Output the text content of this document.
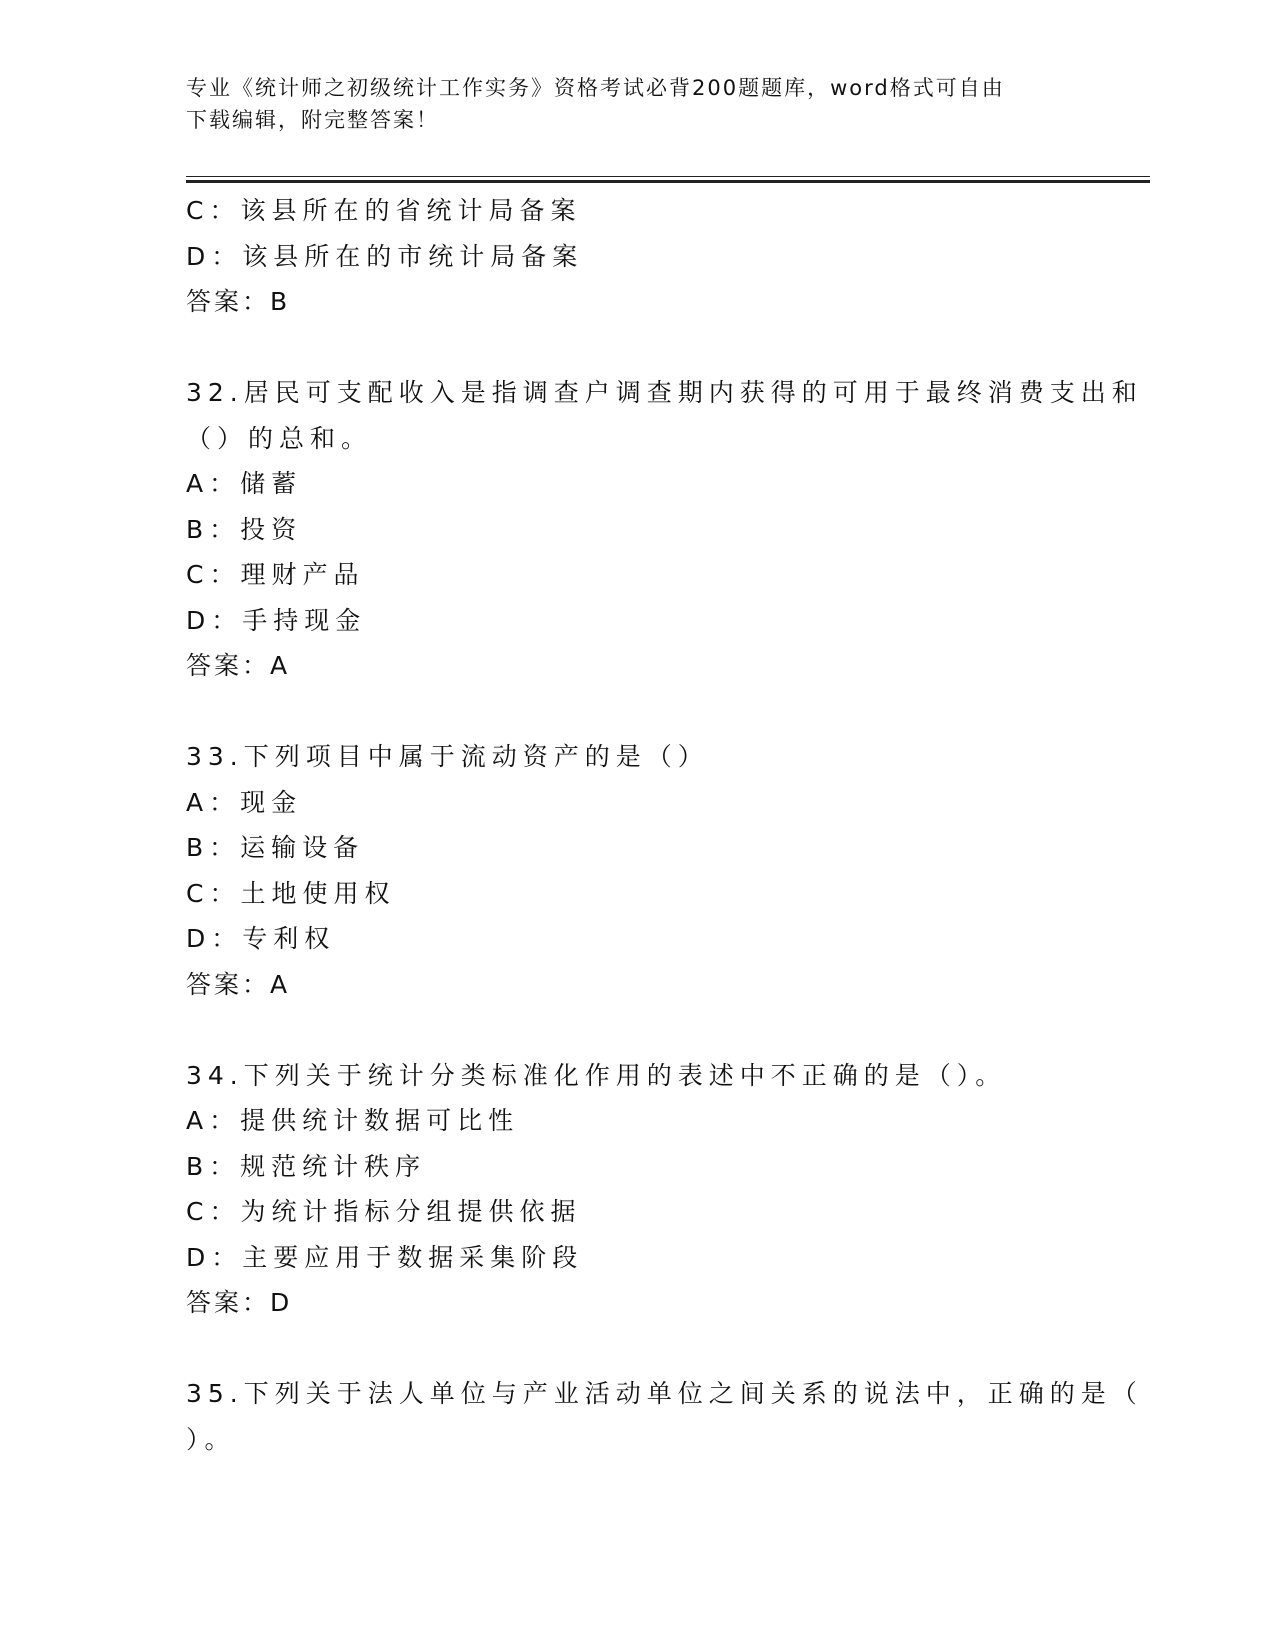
专业《统计师之初级统计工作实务》资格考试必背200题题库，word格式可自由
下载编辑，附完整答案！
C：该县所在的省统计局备案
D：该县所在的市统计局备案
答案：B
32.居民可支配收入是指调查户调查期内获得的可用于最终消费支出和
（）的总和。
A：储蓄
B：投资
C：理财产品
D：手持现金
答案：A
33.下列项目中属于流动资产的是（）
A：现金
B：运输设备
C：土地使用权
D：专利权
答案：A
34.下列关于统计分类标准化作用的表述中不正确的是（）。
A：提供统计数据可比性
B：规范统计秩序
C：为统计指标分组提供依据
D：主要应用于数据采集阶段
答案：D
35.下列关于法人单位与产业活动单位之间关系的说法中，正确的是（
）。
